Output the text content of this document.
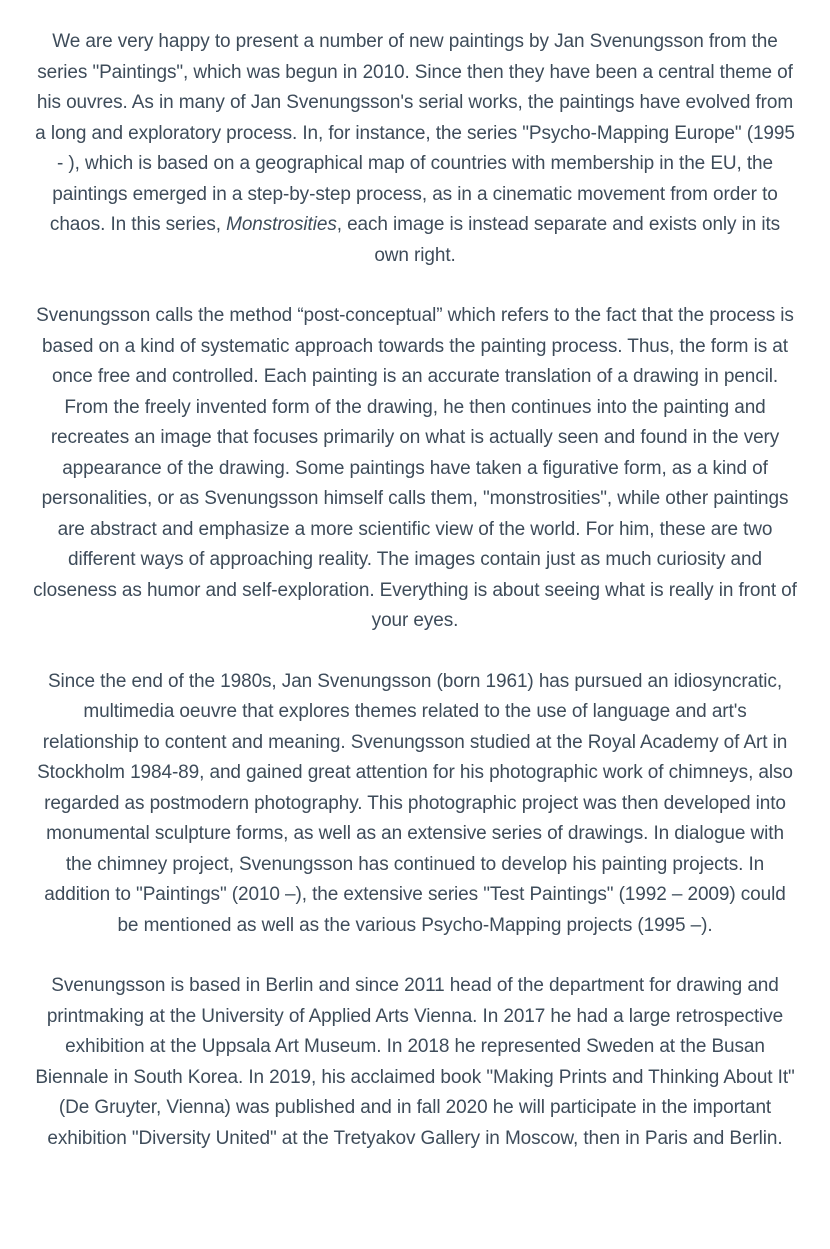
We are very happy to present a number of new paintings by Jan Svenungsson from the series "Paintings", which was begun in 2010. Since then they have been a central theme of his ouvres. As in many of Jan Svenungsson's serial works, the paintings have evolved from a long and exploratory process. In, for instance, the series "Psycho-Mapping Europe" (1995 - ), which is based on a geographical map of countries with membership in the EU, the paintings emerged in a step-by-step process, as in a cinematic movement from order to chaos. In this series, Monstrosities, each image is instead separate and exists only in its own right.

Svenungsson calls the method “post-conceptual” which refers to the fact that the process is based on a kind of systematic approach towards the painting process. Thus, the form is at once free and controlled. Each painting is an accurate translation of a drawing in pencil. From the freely invented form of the drawing, he then continues into the painting and recreates an image that focuses primarily on what is actually seen and found in the very appearance of the drawing. Some paintings have taken a figurative form, as a kind of personalities, or as Svenungsson himself calls them, "monstrosities", while other paintings are abstract and emphasize a more scientific view of the world. For him, these are two different ways of approaching reality. The images contain just as much curiosity and closeness as humor and self-exploration. Everything is about seeing what is really in front of your eyes.

Since the end of the 1980s, Jan Svenungsson (born 1961) has pursued an idiosyncratic, multimedia oeuvre that explores themes related to the use of language and art's relationship to content and meaning. Svenungsson studied at the Royal Academy of Art in Stockholm 1984-89, and gained great attention for his photographic work of chimneys, also regarded as postmodern photography. This photographic project was then developed into monumental sculpture forms, as well as an extensive series of drawings. In dialogue with the chimney project, Svenungsson has continued to develop his painting projects. In addition to "Paintings" (2010 –), the extensive series "Test Paintings" (1992 – 2009) could be mentioned as well as the various Psycho-Mapping projects (1995 –).

Svenungsson is based in Berlin and since 2011 head of the department for drawing and printmaking at the University of Applied Arts Vienna. In 2017 he had a large retrospective exhibition at the Uppsala Art Museum. In 2018 he represented Sweden at the Busan Biennale in South Korea. In 2019, his acclaimed book "Making Prints and Thinking About It" (De Gruyter, Vienna) was published and in fall 2020 he will participate in the important exhibition "Diversity United" at the Tretyakov Gallery in Moscow, then in Paris and Berlin.
